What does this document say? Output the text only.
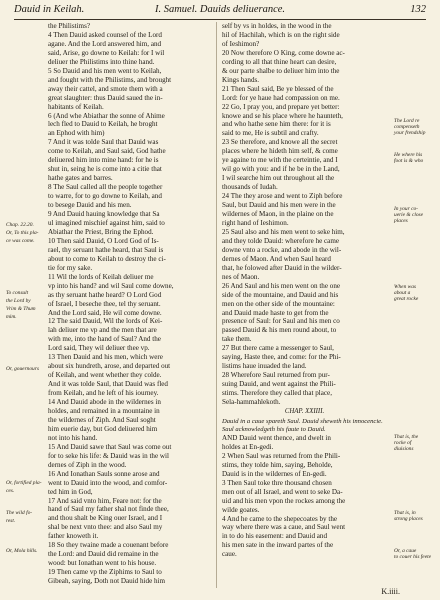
Dauid in Keilah.	I. Samuel. Dauids deliuerance.	132

the Philistims?

4 Then Dauid asked counsel of the Lord

agane. And the Lord answered him, and

said, Arise, go downe to Keilah: for I wil

deliuer the Philistims into thine hand.

5 So Dauid and his men went to Keilah,

and fought with the Philistims, and brought

away their cattel, and smote them with a

great slaughter: thus Dauid saued the in-

habitants of Keilah.

6 (And whe Abiathar the sonne of Ahime

lech fled to Dauid to Keilah, he broght

an Ephod with him)

7 And it was tolde Saul that Dauid was

come to Keilah, and Saul said, God hathe

deliuered him into mine hand: for he is

shut in, seing he is come into a citie that

hathe gates and barres.

8 The Saul called all the people together

to warre, for to go downe to Keilah, and

to besege Dauid and his men.

9 And Dauid hauing knowledge that Sa

ul imagined mischief against him, said to

Abiathar the Priest, Bring the Ephod.

10 Then said Dauid, O Lord God of Is-

rael, thy seruant hathe heard, that Saul is

about to come to Keilah to destroy the ci-

tie for my sake.

11 Wil the lords of Keilah deliuer me

vp into his hand? and wil Saul come downe,

as thy seruant hathe heard? O Lord God

of Israel, I beseche thee, tel thy seruant.

And the Lord said, He wil come downe.

12 The said Dauid, Wil the lords of Kei-

lah deliuer me vp and the men that are

with me, into the hand of Saul? And the

Lord said, They wil deliuer thee vp.

13 Then Dauid and his men, which were

about six hundreth, arose, and departed out

of Keilah, and went whether they colde.

And it was tolde Saul, that Dauid was fled

from Keilah, and he left of his iourney.

14 And Dauid abode in the wildernes in

holdes, and remained in a mountaine in

the wildernes of Ziph. And Saul soght

him euerie day, but God deliuered him

not into his hand.

15 And Dauid sawe that Saul was come out

for to seke his life: & Dauid was in the wil

dernes of Ziph in the wood.

16 And Ionathan Sauls sonne arose and

went to Dauid into the wood, and comfor-

ted him in God,

17 And said vnto him, Feare not: for the

hand of Saul my father shal not finde thee,

and thou shalt be King ouer Israel, and I

shal be next vnto thee: and also Saul my

father knoweth it.

18 So they twaine made a couenant before

the Lord: and Dauid did remaine in the

wood: but Ionathan went to his house.

19 Then came vp the Ziphims to Saul to

Gibeah, saying, Doth not Dauid hide him

self by vs in holdes, in the wood in the

hil of Hachilah, which is on the right side

of Ieshimon?

20 Now therefore O King, come downe ac-

cording to all that thine heart can desire,

& our parte shalbe to deliuer him into the

Kings hands.

21 Then Saul said, Be ye blessed of the

Lord: for ye haue had compassion on me.

22 Go, I pray you, and prepare yet better:

knowe and se his place where he haunteth,

and who hathe sene him there: for it is

said to me, He is subtil and crafty.

23 Se therefore, and knowe all the secret

places where he hideth him self, & come

ye againe to me with the certeintie, and I

wil go with you: and if he be in the Land,

I wil searche him out throughout all the

thousands of Iudah.

24 The they arose and went to Ziph before

Saul, but Dauid and his men were in the

wildernes of Maon, in the plaine on the

right hand of Ieshimon.

25 Saul also and his men went to seke him,

and they tolde Dauid: wherefore he came

downe vnto a rocke, and abode in the wil-

dernes of Maon. And when Saul heard

that, he folowed after Dauid in the wilder-

nes of Maon.

26 And Saul and his men went on the one

side of the mountaine, and Dauid and his

men on the other side of the mountaine:

and Dauid made haste to get from the

presence of Saul: for Saul and his men co

passed Dauid & his men round about, to

take them.

27 But there came a messenger to Saul,

saying, Haste thee, and come: for the Phi-

listims haue inuaded the land.

28 Wherefore Saul returned from pur-

suing Dauid, and went against the Phili-

stims. Therefore they called that place,

Sela-hammahlekoth.

CHAP. XXIIII.

Dauid in a caue spareth Saul. Dauid sheweth his innocencie. Saul acknowledgeth his faute to Dauid.

AND Dauid went thence, and dwelt in

holdes at En-gedi.

2 When Saul was returned from the Phili-

stims, they tolde him, saying, Beholde,

Dauid is in the wildernes of En-gedi.

3 Then Saul toke thre thousand chosen

men out of all Israel, and went to seke Da-

uid and his men vpon the rockes among the

wilde goates.

4 And he came to the shepecoates by the

way where there was a caue, and Saul went

in to do his easement: and Dauid and

his men sate in the inward partes of the

caue.

Chap. 22.20.
Or, To this pla-
ce was come.
To consult
the Lord by
Vrim & Thum
mim.
Or, gouernours
Or, fortified pla-
ces.
The wild fo-
rest.
Or, Mola hills.
The Lord re
compenseth
your frendship
He where his
foot is & who
In your co-
uerie & close
places
When was
about a
great rocke
That is, the
rocke of
diuisions
That is, in
strong places
Or, a caue
to couer his feete
K.iiii.
